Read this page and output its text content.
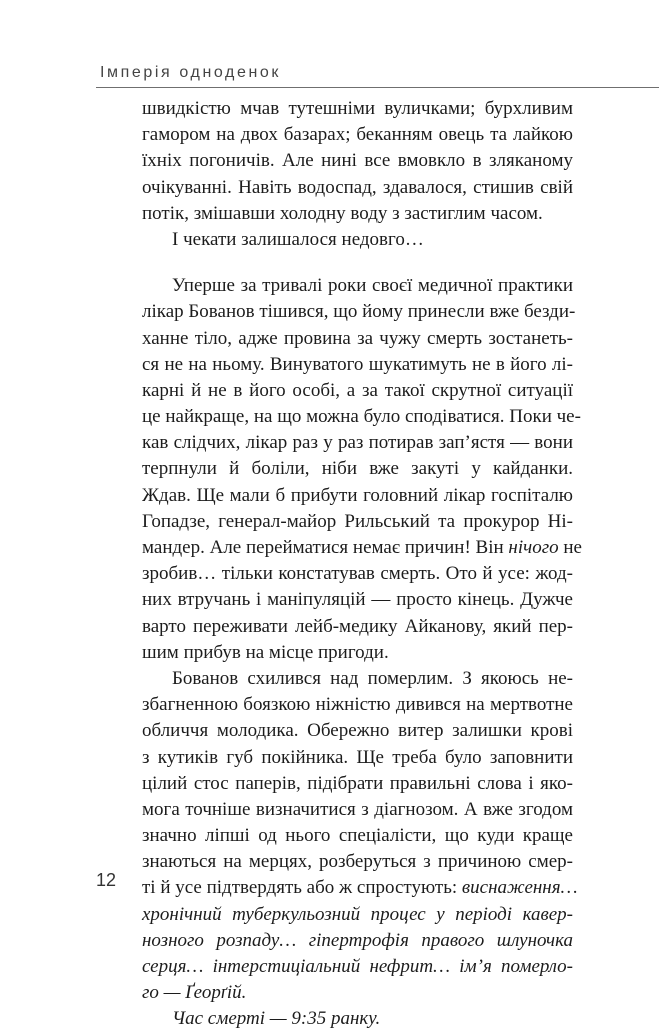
Імперія одноденок
швидкістю мчав тутешніми вуличками; бурхливим
гамором на двох базарах; беканням овець та лайкою
їхніх погоничів. Але нині все вмовкло в зляканому
очікуванні. Навіть водоспад, здавалося, стишив свій
потік, змішавши холодну воду з застиглим часом.
І чекати залишалося недовго…
Уперше за тривалі роки своєї медичної практики
лікар Бованов тішився, що йому принесли вже безди-
ханне тіло, адже провина за чужу смерть зостанеть-
ся не на ньому. Винуватого шукатимуть не в його лі-
карні й не в його особі, а за такої скрутної ситуації
це найкраще, на що можна було сподіватися. Поки че-
кав слідчих, лікар раз у раз потирав зап’ястя — вони
терпнули й боліли, ніби вже закуті у кайданки.
Ждав. Ще мали б прибути головний лікар госпіталю
Гопадзе, генерал-майор Рильський та прокурор Ні-
мандер. Але перейматися немає причин! Він нічого не
зробив… тільки констатував смерть. Ото й усе: жод-
них втручань і маніпуляцій — просто кінець. Дужче
варто переживати лейб-медику Айканову, який пер-
шим прибув на місце пригоди.
Бованов схилився над померлим. З якоюсь не-
збагненною боязкою ніжністю дивився на мертвотне
обличчя молодика. Обережно витер залишки крові
з кутиків губ покійника. Ще треба було заповнити
цілий стос паперів, підібрати правильні слова і яко-
мога точніше визначитися з діагнозом. А вже згодом
значно ліпші од нього спеціалісти, що куди краще
знаються на мерцях, розберуться з причиною смер-
ті й усе підтвердять або ж спростують: виснаження…
хронічний туберкульозний процес у періоді кавер-
нозного розпаду… гіпертрофія правого шлуночка
серця… інтерстиціальний нефрит… ім’я померло-
го — Ґеорґій.
Час смерті — 9:35 ранку.
12
